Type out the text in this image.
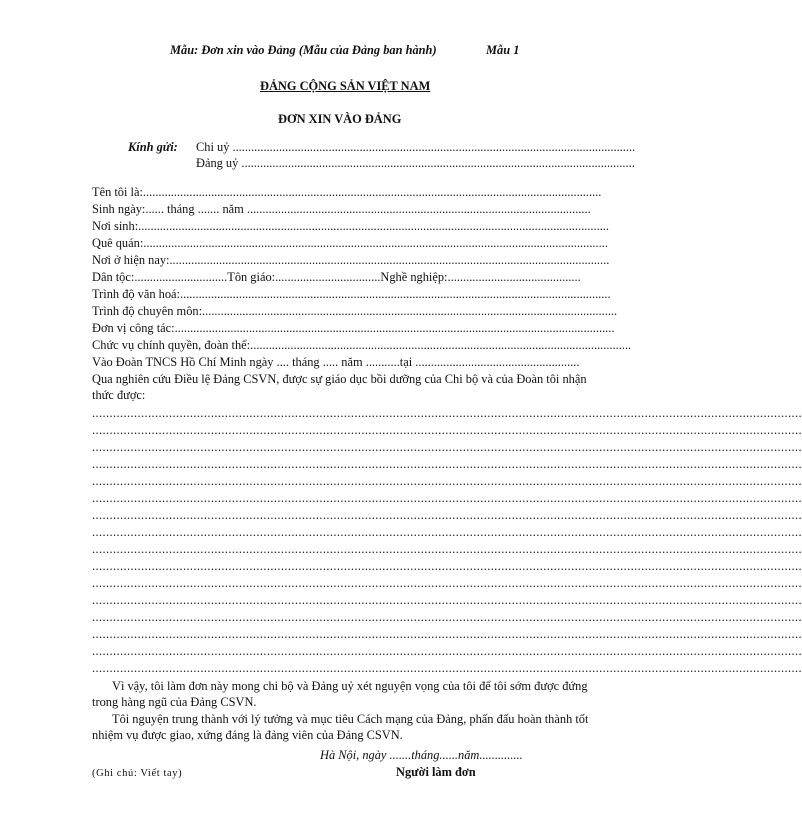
Mẫu: Đơn xin vào Đảng (Mẫu của Đảng ban hành)	Mẫu 1
ĐẢNG CỘNG SẢN VIỆT NAM
ĐƠN XIN VÀO ĐẢNG
Kính gửi: Chi uỷ ..................................................................................................................................
Đảng uỷ ...............................................................................................................................
Tên tôi là:....................................................................................................................................................
Sinh ngày:...... tháng ....... năm ...............................................................................................................
Nơi sinh:........................................................................................................................................................
Quê quán:......................................................................................................................................................
Nơi ở hiện nay:..............................................................................................................................................
Dân tộc:..............................Tôn giáo:..................................Nghề nghiệp:...........................................
Trình độ văn hoá:...........................................................................................................................................
Trình độ chuyên môn:......................................................................................................................................
Đơn vị công tác:..............................................................................................................................................
Chức vụ chính quyền, đoàn thể:...........................................................................................................................
Vào Đoàn TNCS Hồ Chí Minh ngày .... tháng ..... năm ...........tại .....................................................
Qua nghiên cứu Điều lệ Đảng CSVN, được sự giáo dục bồi dưỡng của Chi bộ và của Đoàn tôi nhận
thức được:
...........................................................................................................................................................................................................
...........................................................................................................................................................................................................
...........................................................................................................................................................................................................
...........................................................................................................................................................................................................
...........................................................................................................................................................................................................
...........................................................................................................................................................................................................
...........................................................................................................................................................................................................
...........................................................................................................................................................................................................
...........................................................................................................................................................................................................
...........................................................................................................................................................................................................
...........................................................................................................................................................................................................
...........................................................................................................................................................................................................
...........................................................................................................................................................................................................
...........................................................................................................................................................................................................
...........................................................................................................................................................................................................
...........................................................................................................................................................................................................
Vì vậy, tôi làm đơn này mong chi bộ và Đảng uỷ xét nguyện vọng của tôi để tôi sớm được đứng
trong hàng ngũ của Đảng CSVN.
Tôi nguyện trung thành với lý tưởng và mục tiêu Cách mạng của Đảng, phấn đấu hoàn thành tốt
nhiệm vụ được giao, xứng đáng là đảng viên của Đảng CSVN.
Hà Nội, ngày .......tháng......năm..............
Người làm đơn
(Ghi chú: Viết tay)
